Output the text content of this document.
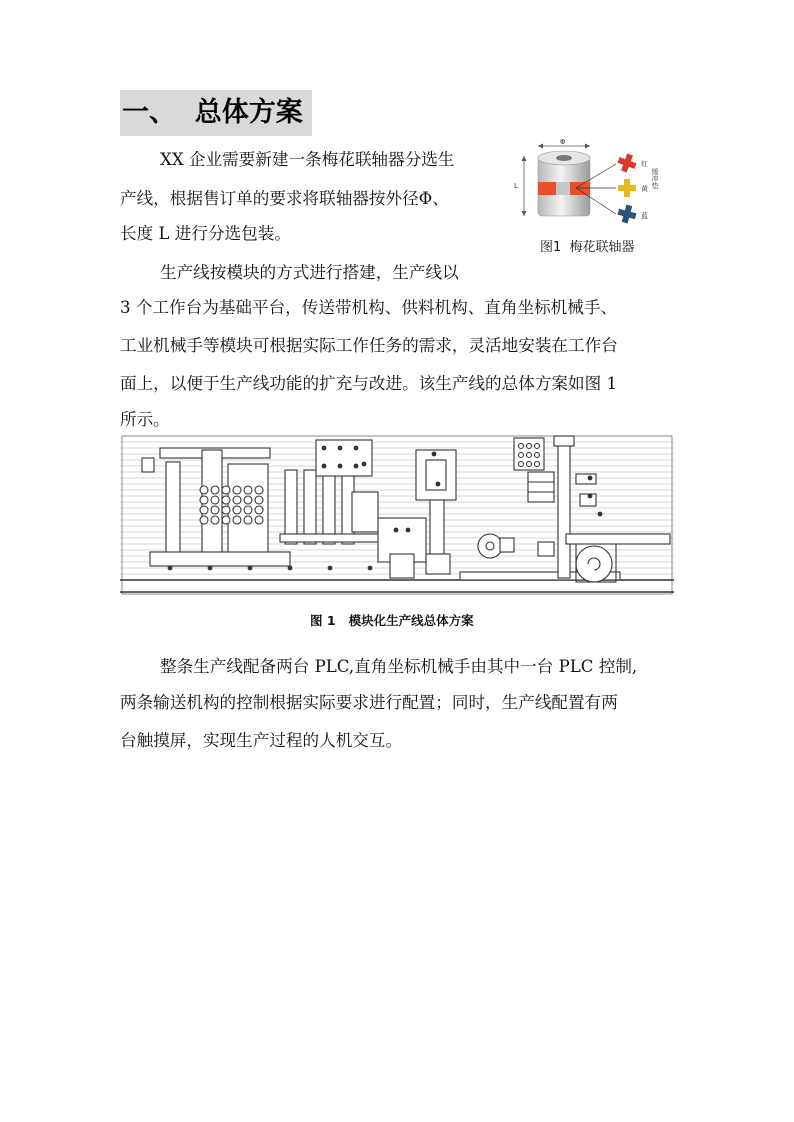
一、  总体方案
XX 企业需要新建一条梅花联轴器分选生
产线，根据售订单的要求将联轴器按外径Φ、
长度 L 进行分选包装。
生产线按模块的方式进行搭建，生产线以
3 个工作台为基础平台，传送带机构、供料机构、直角坐标机械手、
工业机械手等模块可根据实际工作任务的需求，灵活地安装在工作台
面上，以便于生产线功能的扩充与改进。该生产线的总体方案如图 1
所示。
Φ
L
红
黄
蓝
缓冲垫
图1  梅花联轴器
图 1   模块化生产线总体方案
整条生产线配备两台 PLC,直角坐标机械手由其中一台 PLC 控制,
两条输送机构的控制根据实际要求进行配置；同时，生产线配置有两
台触摸屏，实现生产过程的人机交互。
